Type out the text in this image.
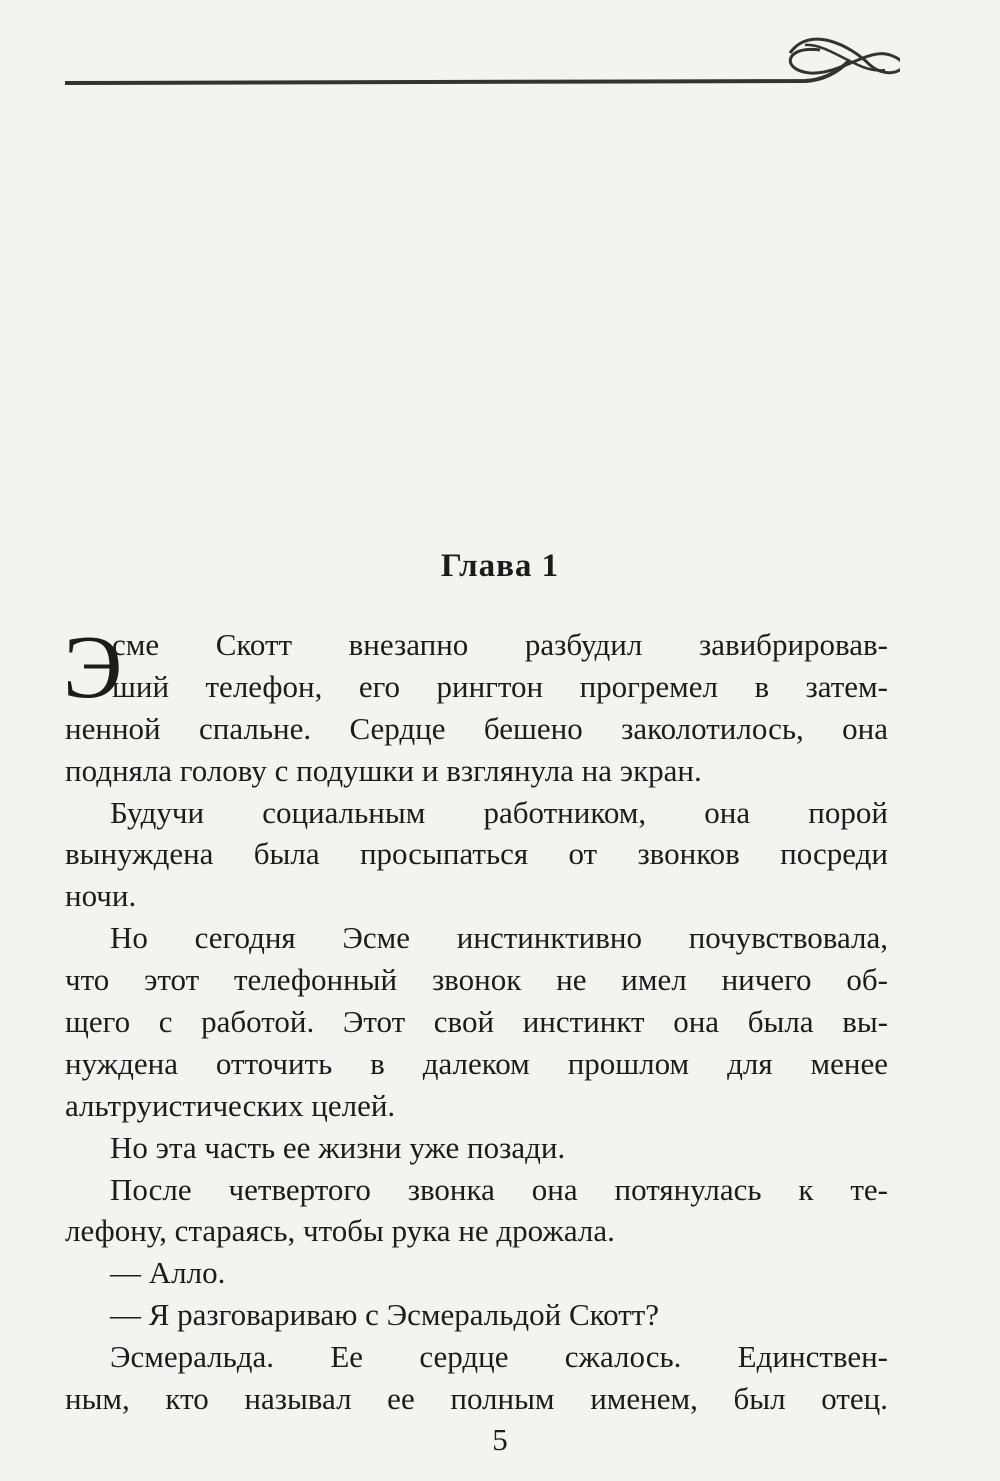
Глава 1
Э
сме Скотт внезапно разбудил завибрировав-
ший телефон, его рингтон прогремел в затем-
ненной спальне. Сердце бешено заколотилось, она
подняла голову с подушки и взглянула на экран.
Будучи социальным работником, она порой
вынуждена была просыпаться от звонков посреди
ночи.
Но сегодня Эсме инстинктивно почувствовала,
что этот телефонный звонок не имел ничего об-
щего с работой. Этот свой инстинкт она была вы-
нуждена отточить в далеком прошлом для менее
альтруистических целей.
Но эта часть ее жизни уже позади.
После четвертого звонка она потянулась к те-
лефону, стараясь, чтобы рука не дрожала.
— Алло.
— Я разговариваю с Эсмеральдой Скотт?
Эсмеральда. Ее сердце сжалось. Единствен-
ным, кто называл ее полным именем, был отец.
5
